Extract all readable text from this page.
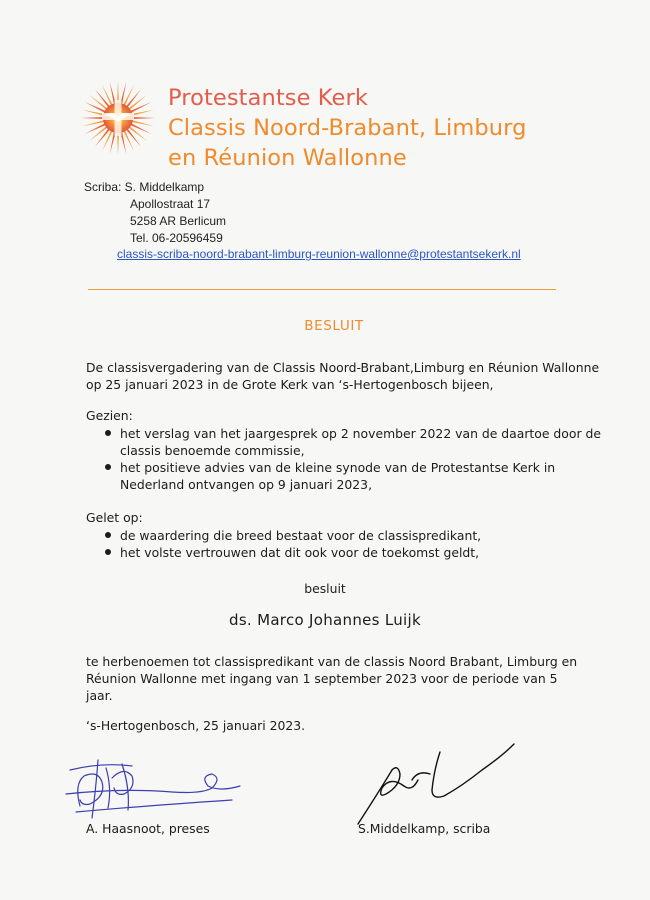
Protestantse Kerk
Classis Noord-Brabant, Limburg
en Réunion Wallonne
Scriba: S. Middelkamp
Apollostraat 17
5258 AR Berlicum
Tel. 06-20596459
classis-scriba-noord-brabant-limburg-reunion-wallonne@protestantsekerk.nl
BESLUIT
De classisvergadering van de Classis Noord-Brabant,Limburg en Réunion Wallonne
op 25 januari 2023 in de Grote Kerk van ‘s-Hertogenbosch bijeen,
Gezien:
het verslag van het jaargesprek op 2 november 2022 van de daartoe door de
classis benoemde commissie,
het positieve advies van de kleine synode van de Protestantse Kerk in
Nederland ontvangen op 9 januari 2023,
Gelet op:
de waardering die breed bestaat voor de classispredikant,
het volste vertrouwen dat dit ook voor de toekomst geldt,
besluit
ds. Marco Johannes Luijk
te herbenoemen tot classispredikant van de classis Noord Brabant, Limburg en
Réunion Wallonne met ingang van 1 september 2023 voor de periode van 5
jaar.
‘s-Hertogenbosch, 25 januari 2023.
A. Haasnoot, preses	S.Middelkamp, scriba
